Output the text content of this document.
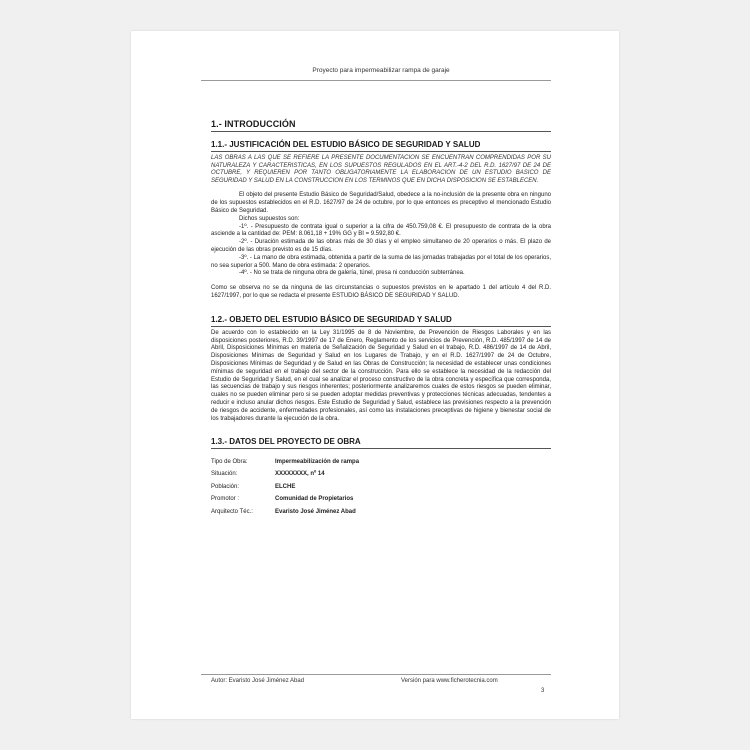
Proyecto para impermeabilizar rampa de garaje
1.- INTRODUCCIÓN
1.1.- JUSTIFICACIÓN DEL ESTUDIO BÁSICO DE SEGURIDAD Y SALUD
LAS OBRAS A LAS QUE SE REFIERE LA PRESENTE DOCUMENTACION SE ENCUENTRAN COMPRENDIDAS POR SU NATURALEZA Y CARACTERISTICAS, EN LOS SUPUESTOS REGULADOS EN EL ART.-4-2 DEL R.D. 1627/97 DE 24 DE OCTUBRE, Y REQUIEREN POR TANTO OBLIGATORIAMENTE LA ELABORACION DE UN ESTUDIO BASICO DE SEGURIDAD Y SALUD EN LA CONSTRUCCION EN LOS TERMINOS QUE EN DICHA DISPOSICION SE ESTABLECEN.

El objeto del presente Estudio Básico de Seguridad/Salud, obedece a la no-inclusión de la presente obra en ninguno de los supuestos establecidos en el R.D. 1627/97 de 24 de octubre, por lo que entonces es preceptivo el mencionado Estudio Básico de Seguridad.

Dichos supuestos son:

-1º. - Presupuesto de contrata igual o superior a la cifra de 450.759,08 €. El presupuesto de contrata de la obra asciende a la cantidad de: PEM: 8.061,18 + 19% GG y BI = 9.592,80 €.

-2º. - Duración estimada de las obras más de 30 días y el empleo simultaneo de 20 operarios o más. El plazo de ejecución de las obras previsto es de 15 días.

-3º. - La mano de obra estimada, obtenida a partir de la suma de las jornadas trabajadas por el total de los operarios, no sea superior a 500. Mano de obra estimada: 2 operarios.

-4º. - No se trata de ninguna obra de galería, túnel, presa ni conducción subterránea.

Como se observa no se da ninguna de las circunstancias o supuestos previstos en le apartado 1 del artículo 4 del R.D. 1627/1997, por lo que se redacta el presente ESTUDIO BÁSICO DE SEGURIDAD Y SALUD.

1.2.- OBJETO DEL ESTUDIO BÁSICO DE SEGURIDAD Y SALUD

De acuerdo con lo establecido en la Ley 31/1995 de 8 de Noviembre, de Prevención de Riesgos Laborales y en las disposiciones posteriores, R.D. 39/1997 de 17 de Enero, Reglamento de los servicios de Prevención, R.D. 485/1997 de 14 de Abril, Disposiciones Mínimas en materia de Señalización de Seguridad y Salud en el trabajo, R.D. 486/1997 de 14 de Abril, Disposiciones Mínimas de Seguridad y Salud en los Lugares de Trabajo, y en el R.D. 1627/1997 de 24 de Octubre, Disposiciones Mínimas de Seguridad y de Salud en las Obras de Construcción; la necesidad de establecer unas condiciones mínimas de seguridad en el trabajo del sector de la construcción. Para ello se establece la necesidad de la redacción del Estudio de Seguridad y Salud, en el cual se analizar el proceso constructivo de la obra concreta y específica que corresponda, las secuencias de trabajo y sus riesgos inherentes; posteriormente analizaremos cuales de estos riesgos se pueden eliminar, cuales no se pueden eliminar pero si se pueden adoptar medidas preventivas y protecciones técnicas adecuadas, tendentes a reducir e incluso anular dichos riesgos. Este Estudio de Seguridad y Salud, establece las previsiones respecto a la prevención de riesgos de accidente, enfermedades profesionales, así como las instalaciones preceptivas de higiene y bienestar social de los trabajadores durante la ejecución de la obra.

1.3.- DATOS DEL PROYECTO DE OBRA
Tipo de Obra:	Impermeabilización de rampa
Situación:	XXXXXXXX, nº 14
Población:	ELCHE
Promotor :	Comunidad de Propietarios
Arquitecto Téc.:	Evaristo José Jiménez Abad
Autor: Evaristo José Jiménez Abad	Versión para www.ficherotecnia.com
3
